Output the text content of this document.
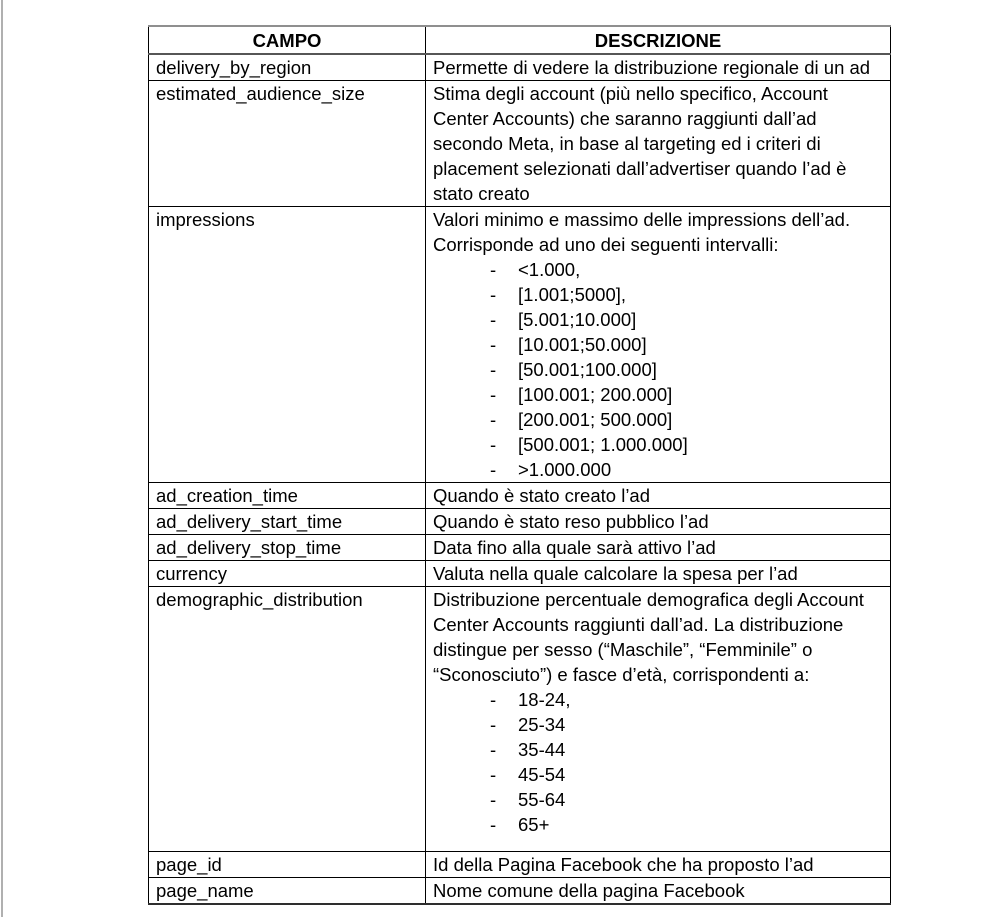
CAMPO	DESCRIZIONE
delivery_by_region	Permette di vedere la distribuzione regionale di un ad

estimated_audience_size	Stima degli account (più nello specifico, Account Center Accounts) che saranno raggiunti dall’ad secondo Meta, in base al targeting ed i criteri di placement selezionati dall’advertiser quando l’ad è stato creato

impressions	Valori minimo e massimo delle impressions dell’ad. Corrisponde ad uno dei seguenti intervalli:
-	<1.000,
-	[1.001;5000],
-	[5.001;10.000]
-	[10.001;50.000]
-	[50.001;100.000]
-	[100.001; 200.000]
-	[200.001; 500.000]
-	[500.001; 1.000.000]
-	>1.000.000

ad_creation_time	Quando è stato creato l’ad

ad_delivery_start_time	Quando è stato reso pubblico l’ad

ad_delivery_stop_time	Data fino alla quale sarà attivo l’ad

currency	Valuta nella quale calcolare la spesa per l’ad

demographic_distribution	Distribuzione percentuale demografica degli Account Center Accounts raggiunti dall’ad. La distribuzione distingue per sesso (“Maschile”, “Femminile” o “Sconosciuto”) e fasce d’età, corrispondenti a:
-	18-24,
-	25-34
-	35-44
-	45-54
-	55-64
-	65+

page_id	Id della Pagina Facebook che ha proposto l’ad

page_name	Nome comune della pagina Facebook
